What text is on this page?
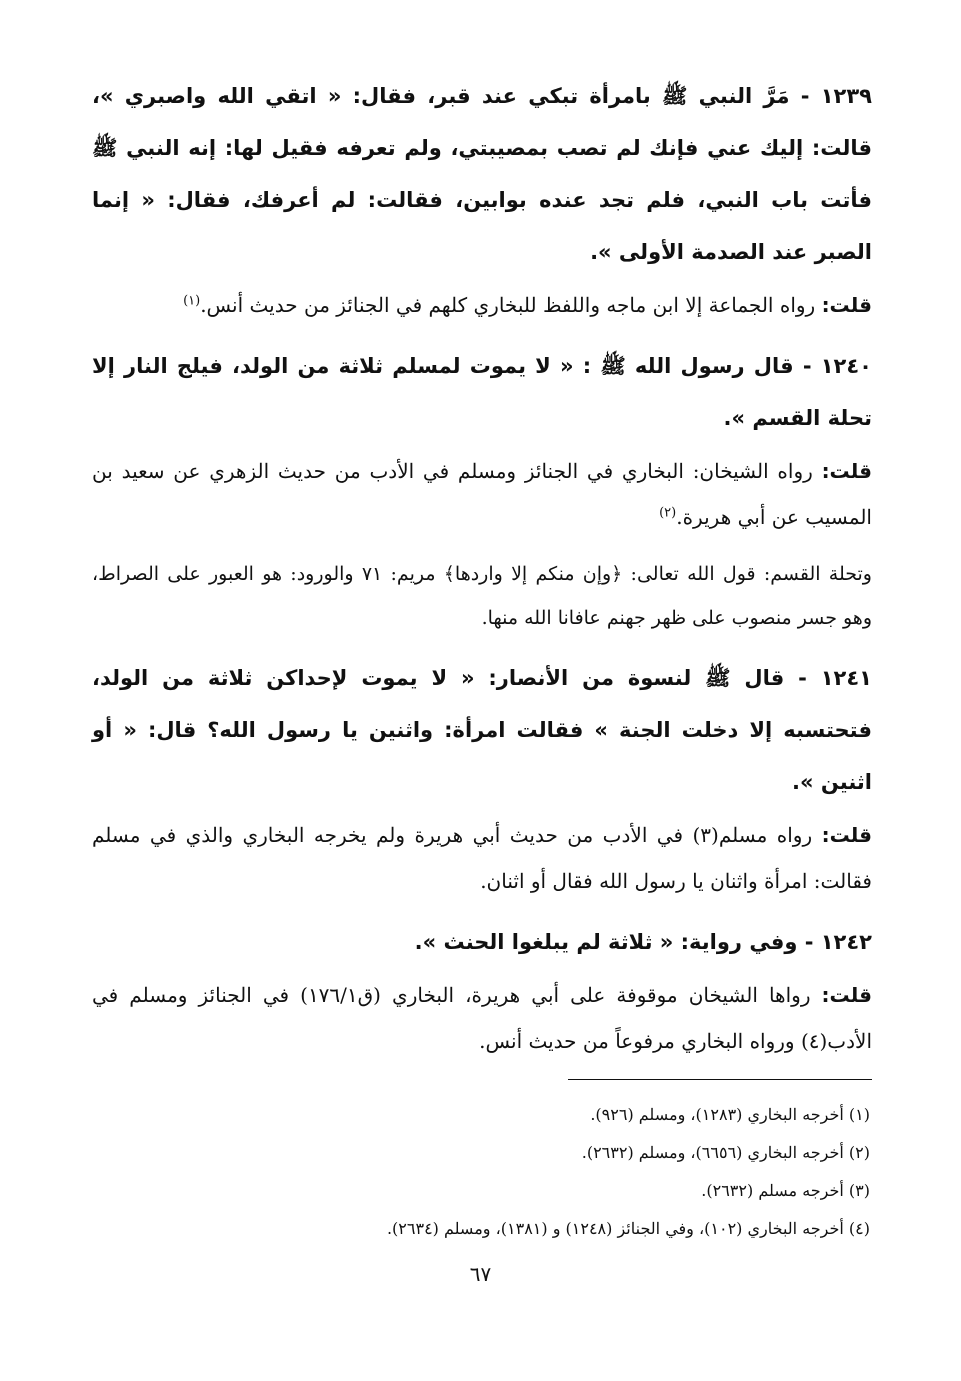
١٢٣٩ - مَرَّ النبي ﷺ بامرأة تبكي عند قبر، فقال: « اتقي الله واصبري »، قالت: إليك عني فإنك لم تصب بمصيبتي، ولم تعرفه فقيل لها: إنه النبي ﷺ فأتت باب النبي، فلم تجد عنده بوابين، فقالت: لم أعرفك، فقال: « إنما الصبر عند الصدمة الأولى ».

قلت: رواه الجماعة إلا ابن ماجه واللفظ للبخاري كلهم في الجنائز من حديث أنس.$^{(١)}$

١٢٤٠ - قال رسول الله ﷺ : « لا يموت لمسلم ثلاثة من الولد، فيلج النار إلا تحلة القسم ».

قلت: رواه الشيخان: البخاري في الجنائز ومسلم في الأدب من حديث الزهري عن سعيد بن المسيب عن أبي هريرة.$^{(٢)}$

وتحلة القسم: قول الله تعالى: ﴿وإن منكم إلا واردها﴾ مريم: ٧١ والورود: هو العبور على الصراط، وهو جسر منصوب على ظهر جهنم عافانا الله منها.

١٢٤١ - قال ﷺ لنسوة من الأنصار: « لا يموت لإحداكن ثلاثة من الولد، فتحتسبه إلا دخلت الجنة » فقالت امرأة: واثنين يا رسول الله؟ قال: « أو اثنين ».

قلت: رواه مسلم(٣) في الأدب من حديث أبي هريرة ولم يخرجه البخاري والذي في مسلم فقالت: امرأة واثنان يا رسول الله فقال أو اثنان.

١٢٤٢ - وفي رواية: « ثلاثة لم يبلغوا الحنث ».

قلت: رواها الشيخان موقوفة على أبي هريرة، البخاري (ق١٧٦/١) في الجنائز ومسلم في الأدب(٤) ورواه البخاري مرفوعاً من حديث أنس.

(١) أخرجه البخاري (١٢٨٣)، ومسلم (٩٢٦).
(٢) أخرجه البخاري (٦٦٥٦)، ومسلم (٢٦٣٢).
(٣) أخرجه مسلم (٢٦٣٢).
(٤) أخرجه البخاري (١٠٢)، وفي الجنائز (١٢٤٨) و (١٣٨١)، ومسلم (٢٦٣٤).
٦٧
